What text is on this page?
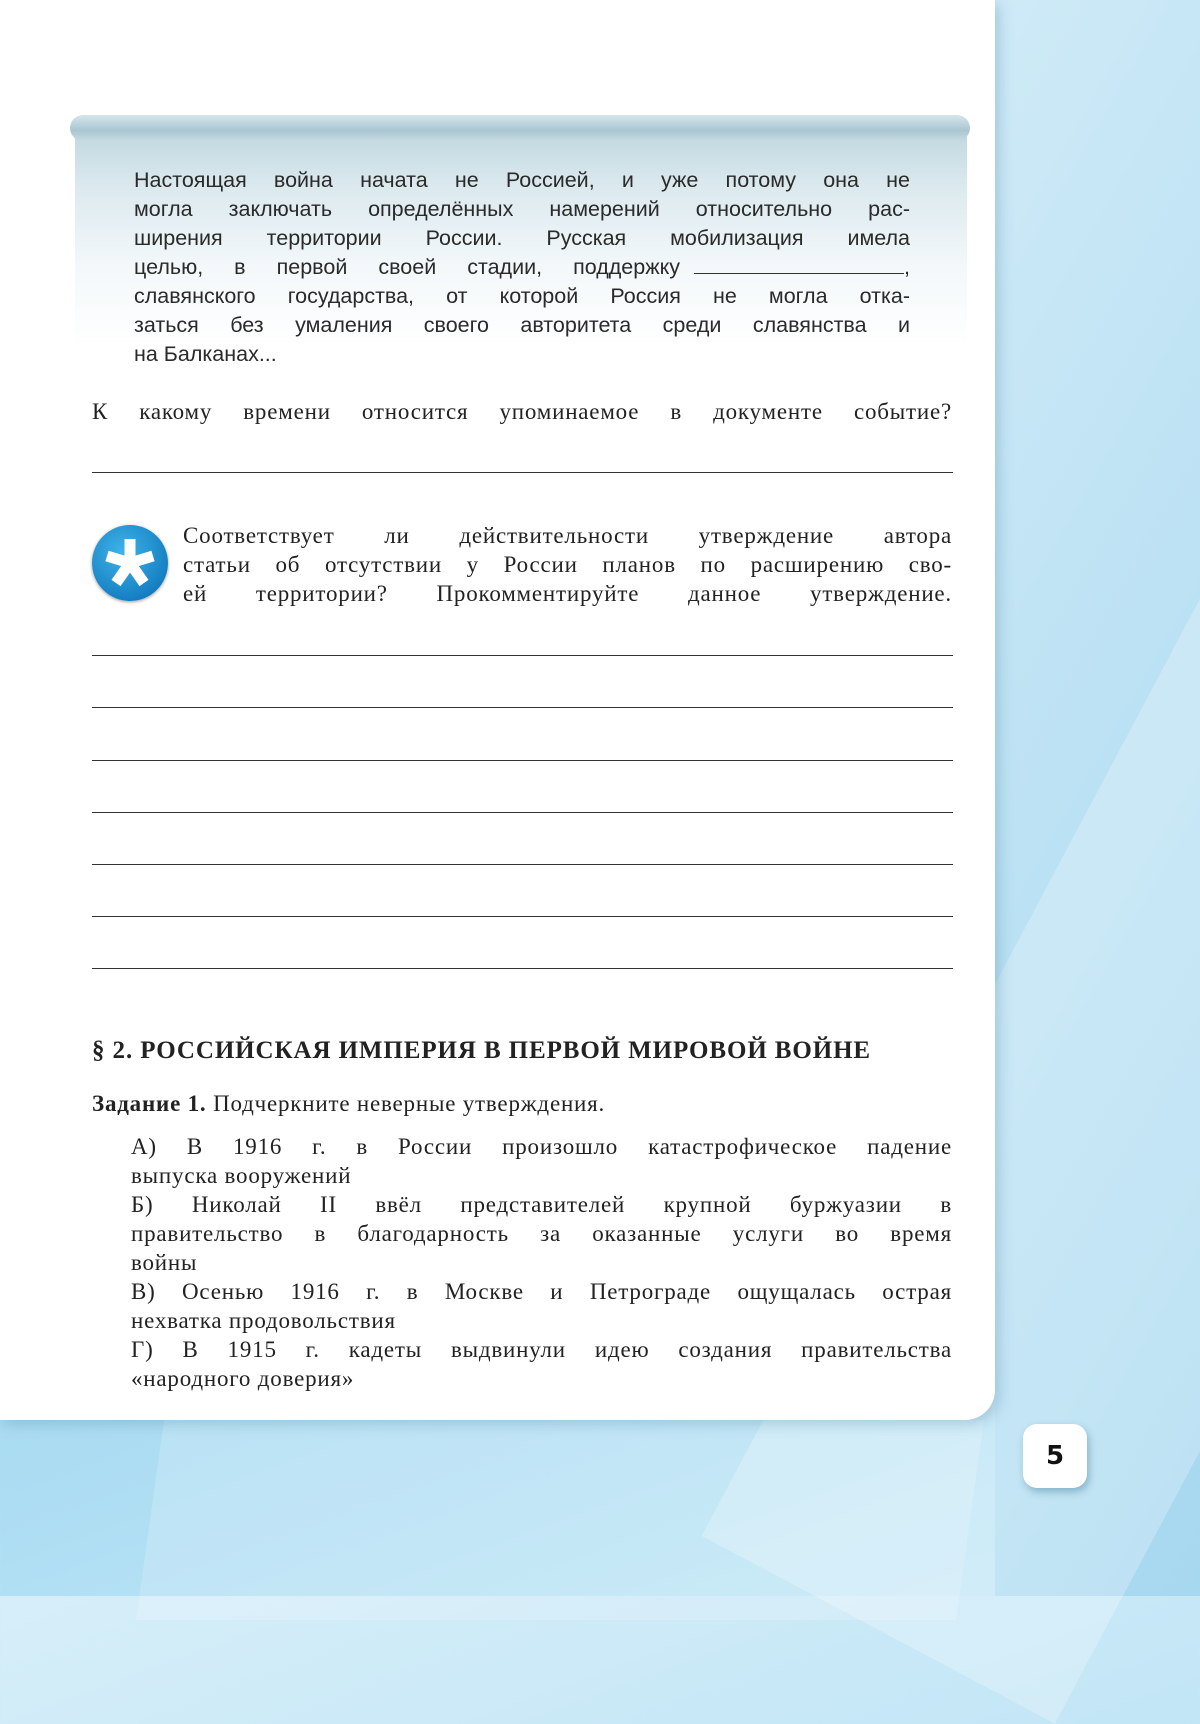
Настоящая война начата не Россией, и уже потому она не
могла заключать определённых намерений относительно рас-
ширения территории России. Русская мобилизация имела
целью, в первой своей стадии, поддержку	,
славянского государства, от которой Россия не могла отка-
заться без умаления своего авторитета среди славянства и
на Балканах...
К какому времени относится упоминаемое в документе событие?
Соответствует ли действительности утверждение автора
статьи об отсутствии у России планов по расширению сво-
ей территории? Прокомментируйте данное утверждение.
§ 2. РОССИЙСКАЯ ИМПЕРИЯ В ПЕРВОЙ МИРОВОЙ ВОЙНЕ
Задание 1. Подчеркните неверные утверждения.
А) В 1916 г. в России произошло катастрофическое падение
выпуска вооружений
Б) Николай II ввёл представителей крупной буржуазии в
правительство в благодарность за оказанные услуги во время
войны
В) Осенью 1916 г. в Москве и Петрограде ощущалась острая
нехватка продовольствия
Г) В 1915 г. кадеты выдвинули идею создания правительства
«народного доверия»
5
